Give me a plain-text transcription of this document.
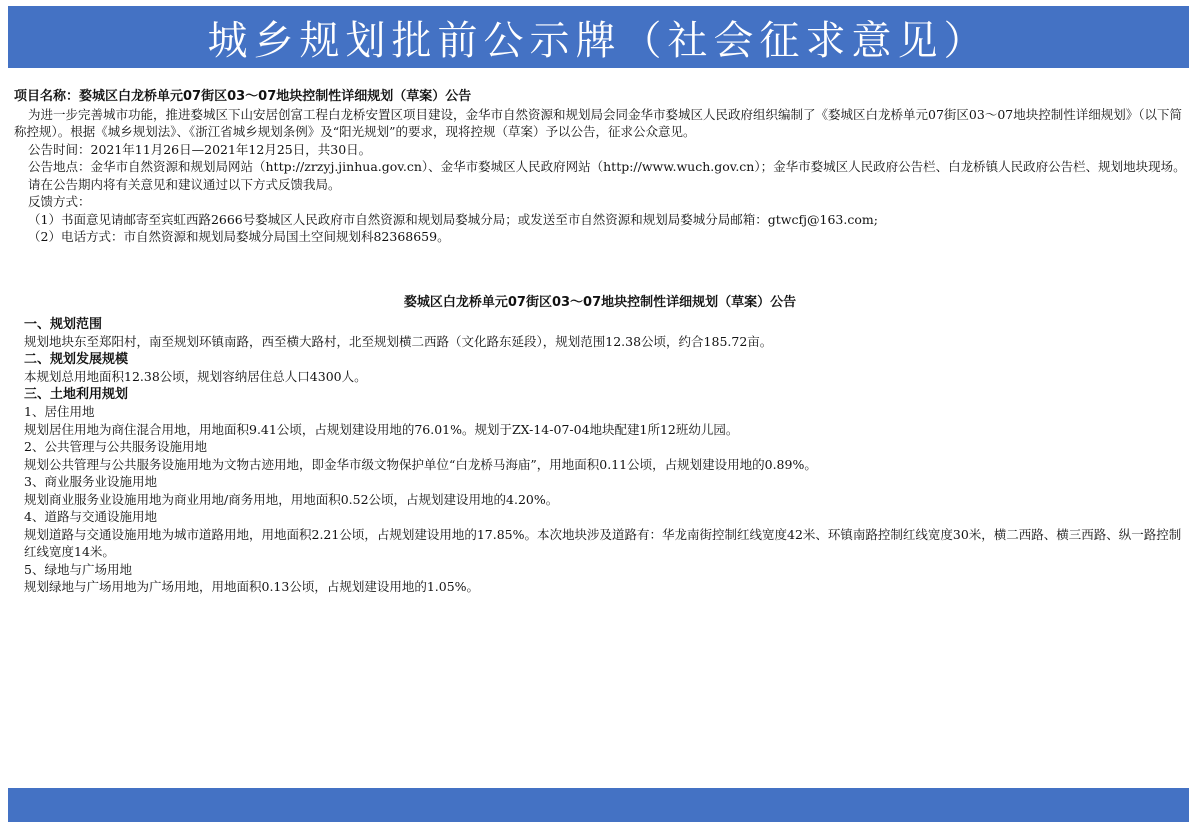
城乡规划批前公示牌（社会征求意见）

项目名称：婺城区白龙桥单元07街区03～07地块控制性详细规划（草案）公告

为进一步完善城市功能，推进婺城区下山安居创富工程白龙桥安置区项目建设，金华市自然资源和规划局会同金华市婺城区人民政府组织编制了《婺城区白龙桥单元07街区03～07地块控制性详细规划》（以下简称控规）。根据《城乡规划法》、《浙江省城乡规划条例》及“阳光规划”的要求，现将控规（草案）予以公告，征求公众意见。

公告时间：2021年11月26日—2021年12月25日，共30日。

公告地点：金华市自然资源和规划局网站（http://zrzyj.jinhua.gov.cn）、金华市婺城区人民政府网站（http://www.wuch.gov.cn）；金华市婺城区人民政府公告栏、白龙桥镇人民政府公告栏、规划地块现场。

请在公告期内将有关意见和建议通过以下方式反馈我局。

反馈方式：

（1）书面意见请邮寄至宾虹西路2666号婺城区人民政府市自然资源和规划局婺城分局；或发送至市自然资源和规划局婺城分局邮箱：gtwcfj@163.com;

（2）电话方式：市自然资源和规划局婺城分局国土空间规划科82368659。

婺城区白龙桥单元07街区03～07地块控制性详细规划（草案）公告

一、规划范围

规划地块东至郑阳村，南至规划环镇南路，西至横大路村，北至规划横二西路（文化路东延段），规划范围12.38公顷，约合185.72亩。

二、规划发展规模

本规划总用地面积12.38公顷，规划容纳居住总人口4300人。

三、土地利用规划

1、居住用地

规划居住用地为商住混合用地，用地面积9.41公顷，占规划建设用地的76.01%。规划于ZX-14-07-04地块配建1所12班幼儿园。

2、公共管理与公共服务设施用地

规划公共管理与公共服务设施用地为文物古迹用地，即金华市级文物保护单位“白龙桥马海庙”，用地面积0.11公顷，占规划建设用地的0.89%。

3、商业服务业设施用地

规划商业服务业设施用地为商业用地/商务用地，用地面积0.52公顷，占规划建设用地的4.20%。

4、道路与交通设施用地

规划道路与交通设施用地为城市道路用地，用地面积2.21公顷，占规划建设用地的17.85%。本次地块涉及道路有：华龙南街控制红线宽度42米、环镇南路控制红线宽度30米，横二西路、横三西路、纵一路控制红线宽度14米。

5、绿地与广场用地

规划绿地与广场用地为广场用地，用地面积0.13公顷，占规划建设用地的1.05%。
